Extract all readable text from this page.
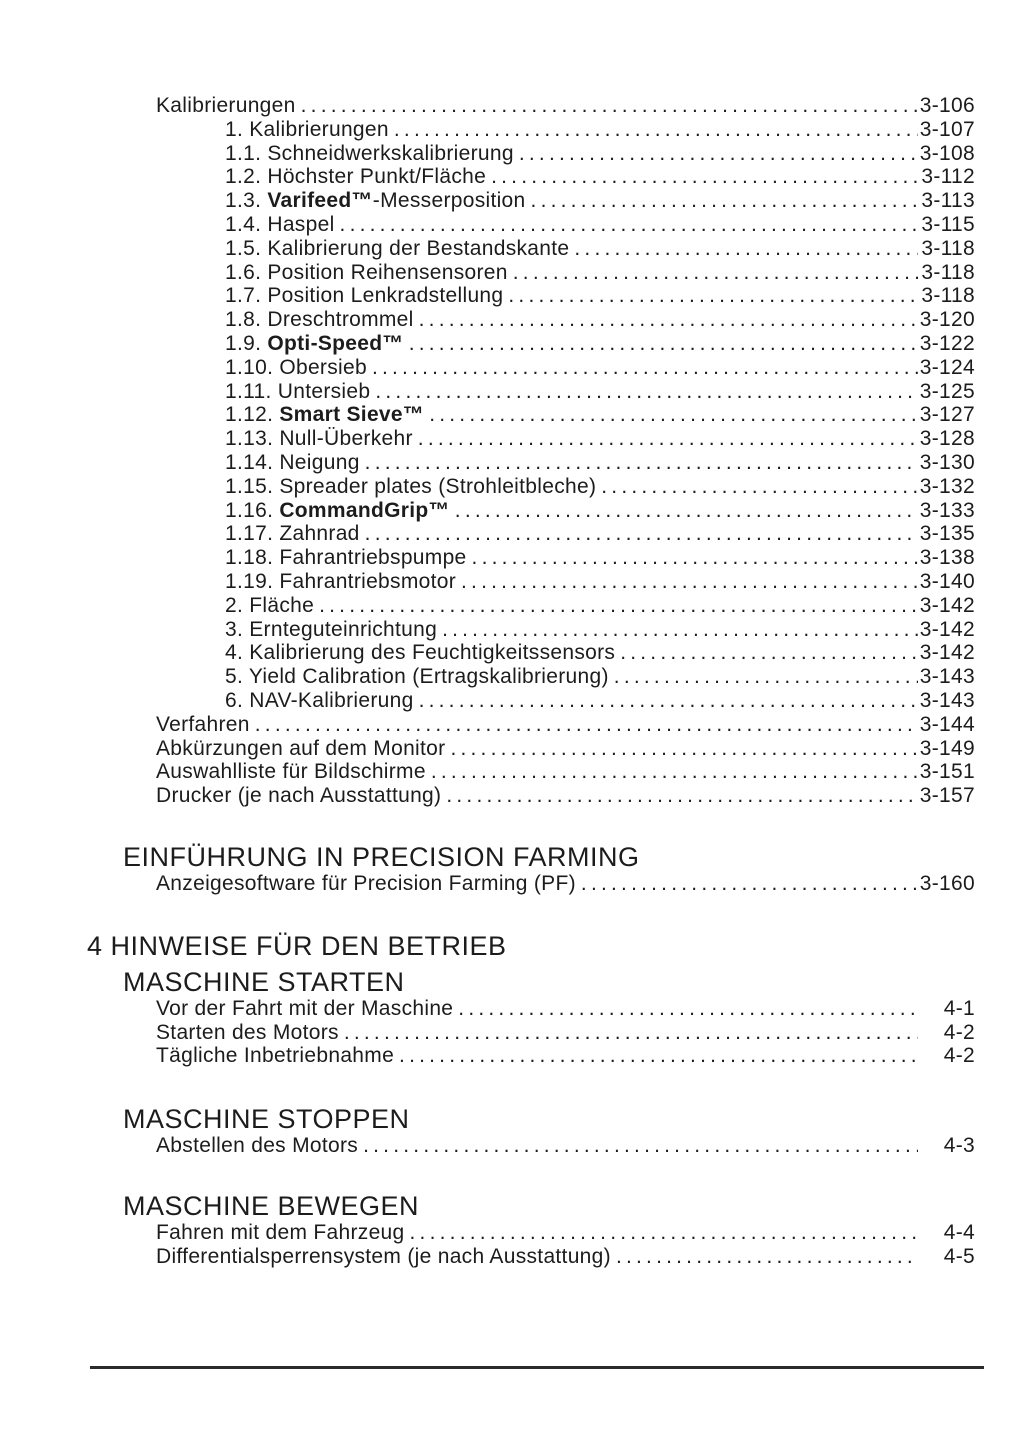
Kalibrierungen .....	3-106
1. Kalibrierungen .....	3-107
1.1. Schneidwerkskalibrierung .....	3-108
1.2. Höchster Punkt/Fläche .....	3-112
1.3. Varifeed™-Messerposition .....	3-113
1.4. Haspel .....	3-115
1.5. Kalibrierung der Bestandskante .....	3-118
1.6. Position Reihensensoren .....	3-118
1.7. Position Lenkradstellung .....	3-118
1.8. Dreschtrommel .....	3-120
1.9. Opti-Speed™ .....	3-122
1.10. Obersieb .....	3-124
1.11. Untersieb .....	3-125
1.12. Smart Sieve™ .....	3-127
1.13. Null-Überkehr .....	3-128
1.14. Neigung .....	3-130
1.15. Spreader plates (Strohleitbleche) .....	3-132
1.16. CommandGrip™ .....	3-133
1.17. Zahnrad .....	3-135
1.18. Fahrantriebspumpe .....	3-138
1.19. Fahrantriebsmotor .....	3-140
2. Fläche .....	3-142
3. Ernteguteinrichtung .....	3-142
4. Kalibrierung des Feuchtigkeitssensors .....	3-142
5. Yield Calibration (Ertragskalibrierung) .....	3-143
6. NAV-Kalibrierung .....	3-143
Verfahren .....	3-144
Abkürzungen auf dem Monitor .....	3-149
Auswahlliste für Bildschirme .....	3-151
Drucker (je nach Ausstattung) .....	3-157
EINFÜHRUNG IN PRECISION FARMING
Anzeigesoftware für Precision Farming (PF) .....	3-160
4 HINWEISE FÜR DEN BETRIEB
MASCHINE STARTEN
Vor der Fahrt mit der Maschine .....	4-1
Starten des Motors .....	4-2
Tägliche Inbetriebnahme .....	4-2
MASCHINE STOPPEN
Abstellen des Motors .....	4-3
MASCHINE BEWEGEN
Fahren mit dem Fahrzeug .....	4-4
Differentialsperrensystem (je nach Ausstattung) .....	4-5
